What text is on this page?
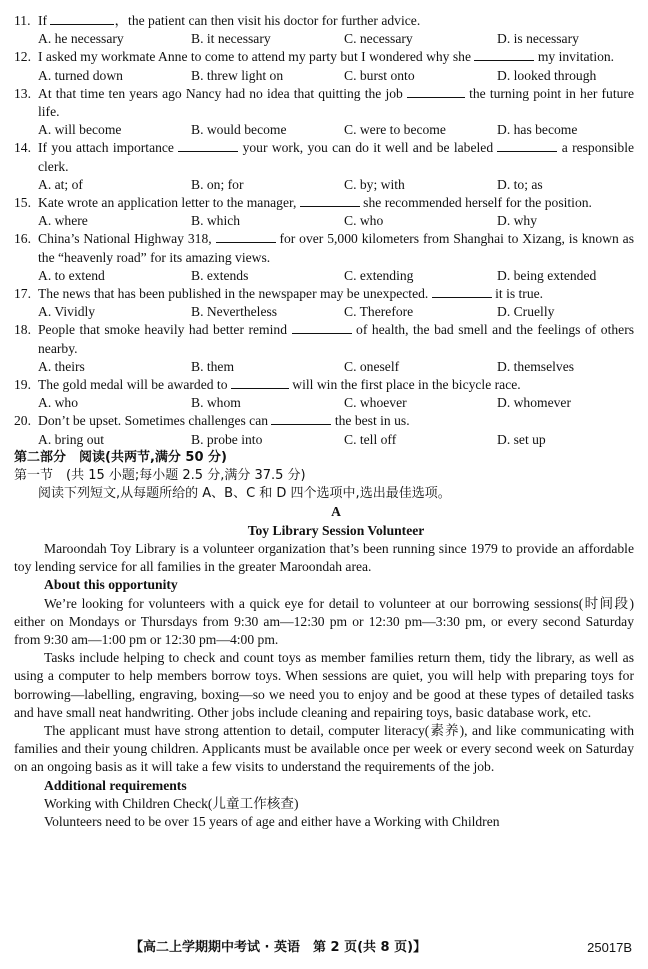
11. If	，the patient can then visit his doctor for further advice.
A. he necessary	B. it necessary	C. necessary	D. is necessary
12. I asked my workmate Anne to come to attend my party but I wondered why she	my invitation.
A. turned down	B. threw light on	C. burst onto	D. looked through
13. At that time ten years ago Nancy had no idea that quitting the job	the turning point in her future life.
A. will become	B. would become	C. were to become	D. has become
14. If you attach importance	your work, you can do it well and be labeled	a responsible clerk.
A. at; of	B. on; for	C. by; with	D. to; as
15. Kate wrote an application letter to the manager,	she recommended herself for the position.
A. where	B. which	C. who	D. why
16. China’s National Highway 318,	for over 5,000 kilometers from Shanghai to Xizang, is known as the “heavenly road” for its amazing views.
A. to extend	B. extends	C. extending	D. being extended
17. The news that has been published in the newspaper may be unexpected.	it is true.
A. Vividly	B. Nevertheless	C. Therefore	D. Cruelly
18. People that smoke heavily had better remind	of health, the bad smell and the feelings of others nearby.
A. theirs	B. them	C. oneself	D. themselves
19. The gold medal will be awarded to	will win the first place in the bicycle race.
A. who	B. whom	C. whoever	D. whomever
20. Don’t be upset. Sometimes challenges can	the best in us.
A. bring out	B. probe into	C. tell off	D. set up
第二部分　阅读(共两节,满分 50 分)
第一节　(共 15 小题;每小题 2.5 分,满分 37.5 分)
阅读下列短文,从每题所给的 A、B、C 和 D 四个选项中,选出最佳选项。
A
Toy Library Session Volunteer
Maroondah Toy Library is a volunteer organization that’s been running since 1979 to provide an affordable toy lending service for all families in the greater Maroondah area.
About this opportunity
We’re looking for volunteers with a quick eye for detail to volunteer at our borrowing sessions(时间段) either on Mondays or Thursdays from 9:30 am—12:30 pm or 12:30 pm—3:30 pm, or every second Saturday from 9:30 am—1:00 pm or 12:30 pm—4:00 pm.
Tasks include helping to check and count toys as member families return them, tidy the library, as well as using a computer to help members borrow toys. When sessions are quiet, you will help with preparing toys for borrowing—labelling, engraving, boxing—so we need you to enjoy and be good at these types of detailed tasks and have small neat handwriting. Other jobs include cleaning and repairing toys, basic database work, etc.
The applicant must have strong attention to detail, computer literacy(素养), and like communicating with families and their young children. Applicants must be available once per week or every second week on Saturday on an ongoing basis as it will take a few visits to understand the requirements of the job.
Additional requirements
Working with Children Check(儿童工作核查)
Volunteers need to be over 15 years of age and either have a Working with Children
【高二上学期期中考试 · 英语　第 2 页(共 8 页)】	25017B
